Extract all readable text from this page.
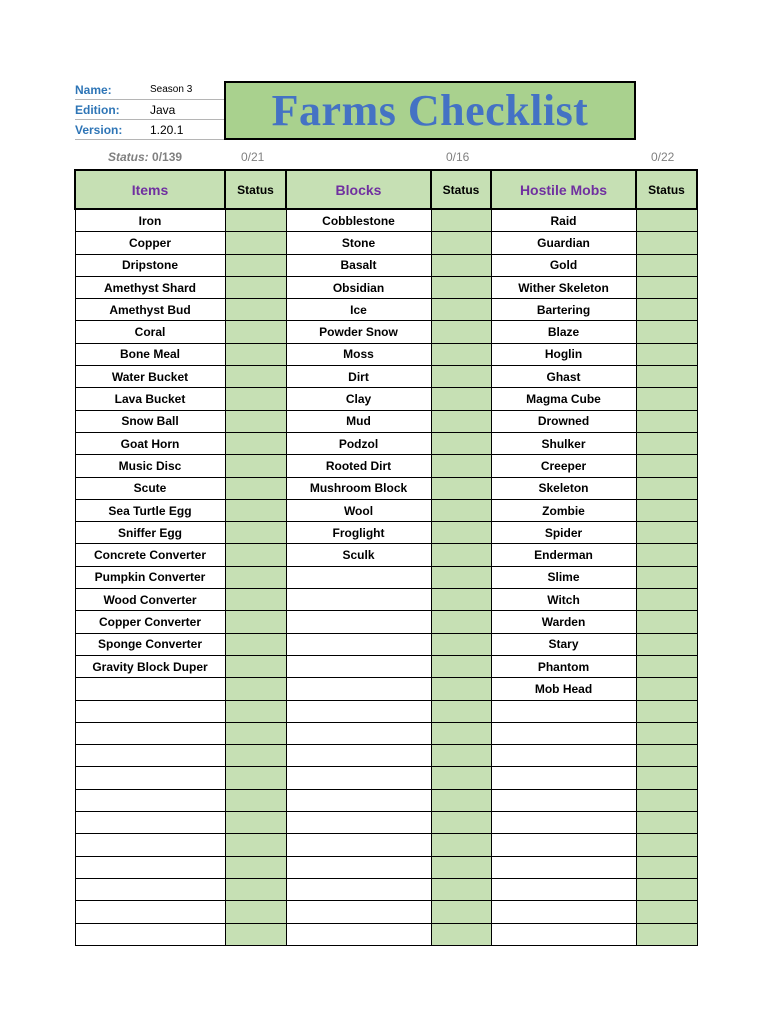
Name:	Season 3
Edition:	Java
Version:	1.20.1 Farms Checklist
Status: 0/139	0/21	0/16	0/22
Items	Status	Blocks	Status	Hostile Mobs	Status
Iron		Cobblestone		Raid	
Copper		Stone		Guardian	
Dripstone		Basalt		Gold	
Amethyst Shard		Obsidian		Wither Skeleton	
Amethyst Bud		Ice		Bartering	
Coral		Powder Snow		Blaze	
Bone Meal		Moss		Hoglin	
Water Bucket		Dirt		Ghast	
Lava Bucket		Clay		Magma Cube	
Snow Ball		Mud		Drowned	
Goat Horn		Podzol		Shulker	
Music Disc		Rooted Dirt		Creeper	
Scute		Mushroom Block		Skeleton	
Sea Turtle Egg		Wool		Zombie	
Sniffer Egg		Froglight		Spider	
Concrete Converter		Sculk		Enderman	
Pumpkin Converter				Slime	
Wood Converter				Witch	
Copper Converter				Warden	
Sponge Converter				Stary	
Gravity Block Duper				Phantom	
				Mob Head	
